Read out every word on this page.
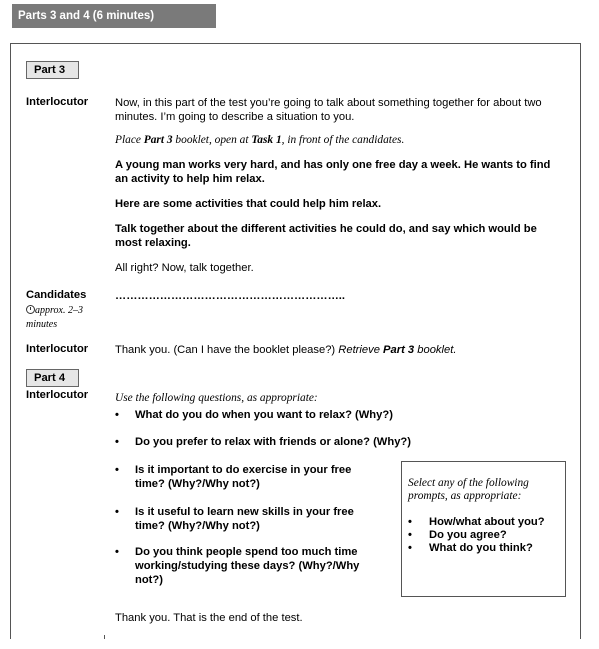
Parts 3 and 4 (6 minutes)
Part 3
Interlocutor Now, in this part of the test you’re going to talk about something together for about two minutes. I’m going to describe a situation to you.
Place Part 3 booklet, open at Task 1, in front of the candidates.
A young man works very hard, and has only one free day a week. He wants to find an activity to help him relax.
Here are some activities that could help him relax.
Talk together about the different activities he could do, and say which would be most relaxing.
All right? Now, talk together.
Candidates
approx. 2–3 minutes
……………………………………………………..
Interlocutor Thank you. (Can I have the booklet please?) Retrieve Part 3 booklet.
Part 4
Interlocutor Use the following questions, as appropriate:
• What do you do when you want to relax? (Why?)
• Do you prefer to relax with friends or alone? (Why?)
• Is it important to do exercise in your free time? (Why?/Why not?)
• Is it useful to learn new skills in your free time? (Why?/Why not?)
• Do you think people spend too much time working/studying these days? (Why?/Why not?)
Select any of the following prompts, as appropriate:
• How/what about you?
• Do you agree?
• What do you think?
Thank you. That is the end of the test.
